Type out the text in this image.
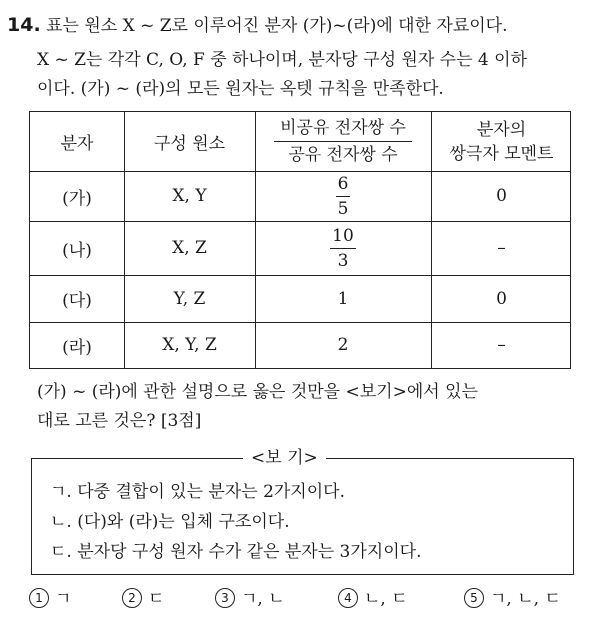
14. 표는 원소 X ~ Z로 이루어진 분자 (가)~(라)에 대한 자료이다.
X ~ Z는 각각 C, O, F 중 하나이며, 분자당 구성 원자 수는 4 이하
이다. (가) ~ (라)의 모든 원자는 옥텟 규칙을 만족한다.
분자	구성 원소	$\frac{\text{비공유 전자쌍 수}}{\text{공유 전자쌍 수}}$	분자의
쌍극자 모멘트
(가)	X, Y	$\frac{6}{5}$	0
(나)	X, Z	$\frac{10}{3}$	–
(다)	Y, Z	1	0
(라)	X, Y, Z	2	–
(가) ~ (라)에 관한 설명으로 옳은 것만을 <보기>에서 있는
대로 고른 것은? [3점]
<보 기>
ㄱ. 다중 결합이 있는 분자는 2가지이다.
ㄴ. (다)와 (라)는 입체 구조이다.
ㄷ. 분자당 구성 원자 수가 같은 분자는 3가지이다.
1 ㄱ	2 ㄷ	3 ㄱ, ㄴ	4 ㄴ, ㄷ	5 ㄱ, ㄴ, ㄷ
